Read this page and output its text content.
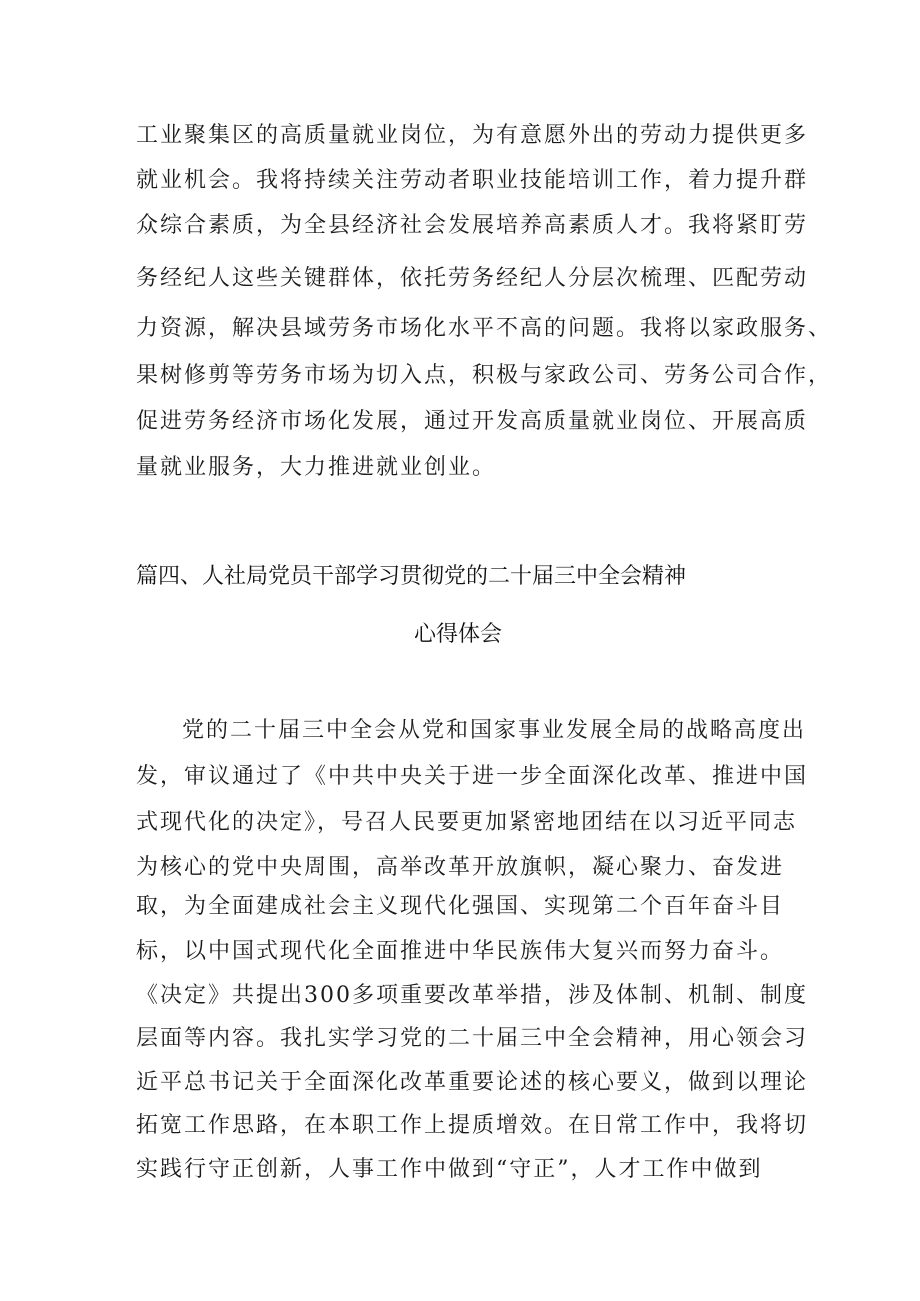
工业聚集区的高质量就业岗位，为有意愿外出的劳动力提供更多
就业机会。我将持续关注劳动者职业技能培训工作，着力提升群
众综合素质，为全县经济社会发展培养高素质人才。我将紧盯劳
务经纪人这些关键群体，依托劳务经纪人分层次梳理、匹配劳动
力资源，解决县域劳务市场化水平不高的问题。我将以家政服务、
果树修剪等劳务市场为切入点，积极与家政公司、劳务公司合作，
促进劳务经济市场化发展，通过开发高质量就业岗位、开展高质
量就业服务，大力推进就业创业。
篇四、人社局党员干部学习贯彻党的二十届三中全会精神
心得体会
党的二十届三中全会从党和国家事业发展全局的战略高度出
发，审议通过了《中共中央关于进一步全面深化改革、推进中国
式现代化的决定》，号召人民要更加紧密地团结在以习近平同志
为核心的党中央周围，高举改革开放旗帜，凝心聚力、奋发进
取，为全面建成社会主义现代化强国、实现第二个百年奋斗目
标，以中国式现代化全面推进中华民族伟大复兴而努力奋斗。
《决定》共提出300多项重要改革举措，涉及体制、机制、制度
层面等内容。我扎实学习党的二十届三中全会精神，用心领会习
近平总书记关于全面深化改革重要论述的核心要义，做到以理论
拓宽工作思路，在本职工作上提质增效。在日常工作中，我将切
实践行守正创新，人事工作中做到“守正”，人才工作中做到
